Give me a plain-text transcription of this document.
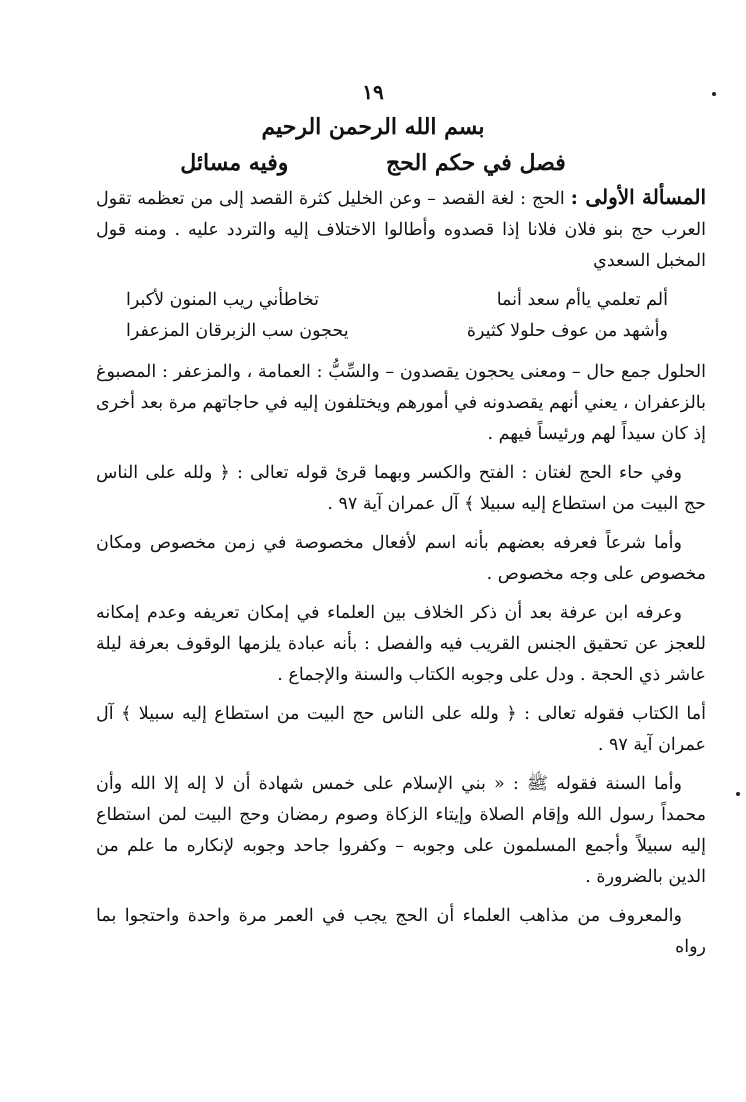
١٩
بسم الله الرحمن الرحيم
فصل في حكم الحج وفيه مسائل

المسألة الأولى : الحج : لغة القصد – وعن الخليل كثرة القصد إلى من تعظمه تقول العرب حج بنو فلان فلانا إذا قصدوه وأطالوا الاختلاف إليه والتردد عليه . ومنه قول المخبل السعدي

ألم تعلمي ياأم سعد أنما
تخاطأني ريب المنون لأكبرا
وأشهد من عوف حلولا كثيرة
يحجون سب الزبرقان المزعفرا

الحلول جمع حال – ومعنى يحجون يقصدون – والسِّبُّ : العمامة ، والمزعفر : المصبوغ بالزعفران ، يعني أنهم يقصدونه في أمورهم ويختلفون إليه في حاجاتهم مرة بعد أخرى إذ كان سيداً لهم ورئيساً فيهم .

وفي حاء الحج لغتان : الفتح والكسر وبهما قرئ قوله تعالى : ﴿ ولله على الناس حج البيت من استطاع إليه سبيلا ﴾ آل عمران آية ٩٧ .

وأما شرعاً فعرفه بعضهم بأنه اسم لأفعال مخصوصة في زمن مخصوص ومكان مخصوص على وجه مخصوص .

وعرفه ابن عرفة بعد أن ذكر الخلاف بين العلماء في إمكان تعريفه وعدم إمكانه للعجز عن تحقيق الجنس القريب فيه والفصل : بأنه عبادة يلزمها الوقوف بعرفة ليلة عاشر ذي الحجة . ودل على وجوبه الكتاب والسنة والإجماع .

أما الكتاب فقوله تعالى : ﴿ ولله على الناس حج البيت من استطاع إليه سبيلا ﴾ آل عمران آية ٩٧ .

وأما السنة فقوله ﷺ : « بني الإسلام على خمس شهادة أن لا إله إلا الله وأن محمداً رسول الله وإقام الصلاة وإيتاء الزكاة وصوم رمضان وحج البيت لمن استطاع إليه سبيلاً وأجمع المسلمون على وجوبه – وكفروا جاحد وجوبه لإنكاره ما علم من الدين بالضرورة .

والمعروف من مذاهب العلماء أن الحج يجب في العمر مرة واحدة واحتجوا بما رواه
